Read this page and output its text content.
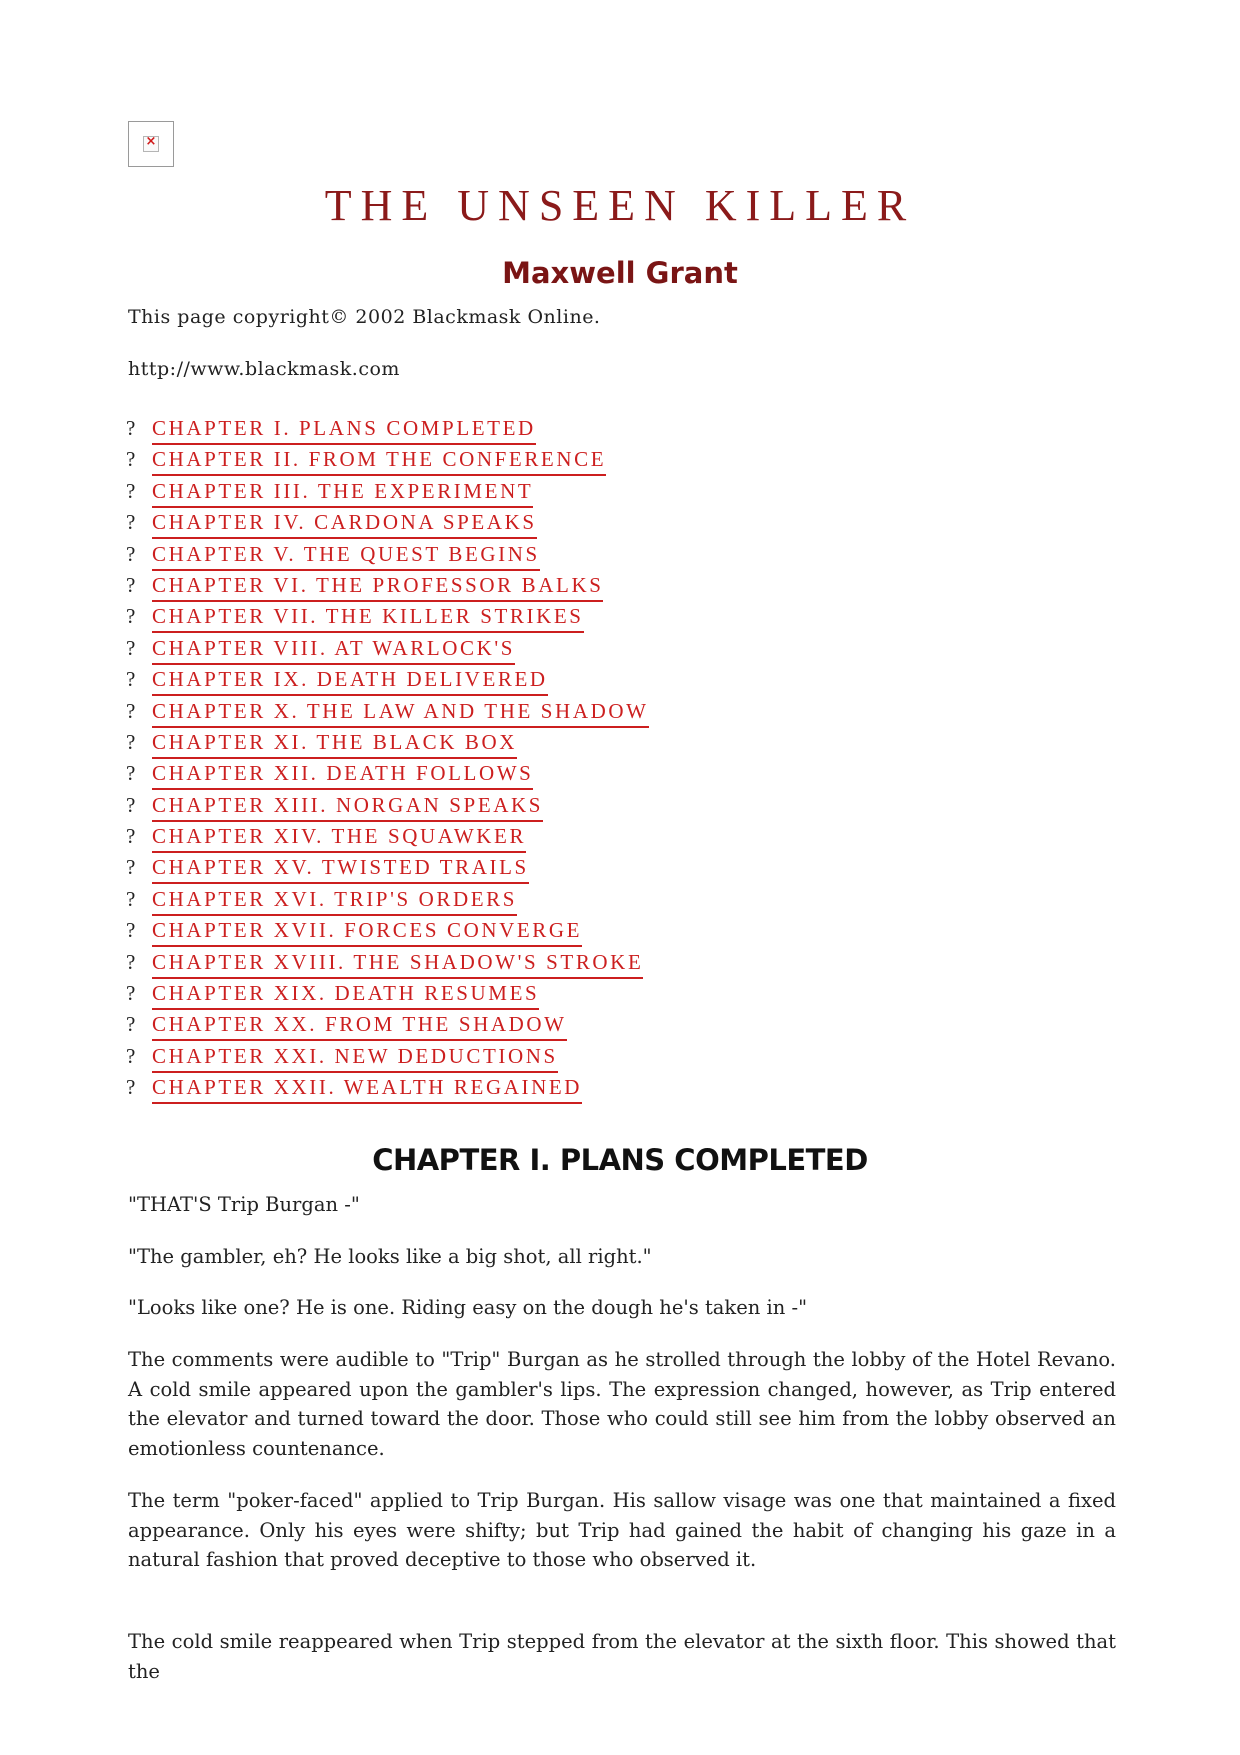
×
THE UNSEEN KILLER
Maxwell Grant

This page copyright© 2002 Blackmask Online.

http://www.blackmask.com

? CHAPTER I. PLANS COMPLETED
? CHAPTER II. FROM THE CONFERENCE
? CHAPTER III. THE EXPERIMENT
? CHAPTER IV. CARDONA SPEAKS
? CHAPTER V. THE QUEST BEGINS
? CHAPTER VI. THE PROFESSOR BALKS
? CHAPTER VII. THE KILLER STRIKES
? CHAPTER VIII. AT WARLOCK'S
? CHAPTER IX. DEATH DELIVERED
? CHAPTER X. THE LAW AND THE SHADOW
? CHAPTER XI. THE BLACK BOX
? CHAPTER XII. DEATH FOLLOWS
? CHAPTER XIII. NORGAN SPEAKS
? CHAPTER XIV. THE SQUAWKER
? CHAPTER XV. TWISTED TRAILS
? CHAPTER XVI. TRIP'S ORDERS
? CHAPTER XVII. FORCES CONVERGE
? CHAPTER XVIII. THE SHADOW'S STROKE
? CHAPTER XIX. DEATH RESUMES
? CHAPTER XX. FROM THE SHADOW
? CHAPTER XXI. NEW DEDUCTIONS
? CHAPTER XXII. WEALTH REGAINED
CHAPTER I. PLANS COMPLETED

"THAT'S Trip Burgan -"

"The gambler, eh? He looks like a big shot, all right."

"Looks like one? He is one. Riding easy on the dough he's taken in -"

The comments were audible to "Trip" Burgan as he strolled through the lobby of the Hotel Revano. A cold smile appeared upon the gambler's lips. The expression changed, however, as Trip entered the elevator and turned toward the door. Those who could still see him from the lobby observed an emotionless countenance.

The term "poker-faced" applied to Trip Burgan. His sallow visage was one that maintained a fixed appearance. Only his eyes were shifty; but Trip had gained the habit of changing his gaze in a natural fashion that proved deceptive to those who observed it.

The cold smile reappeared when Trip stepped from the elevator at the sixth floor. This showed that the
